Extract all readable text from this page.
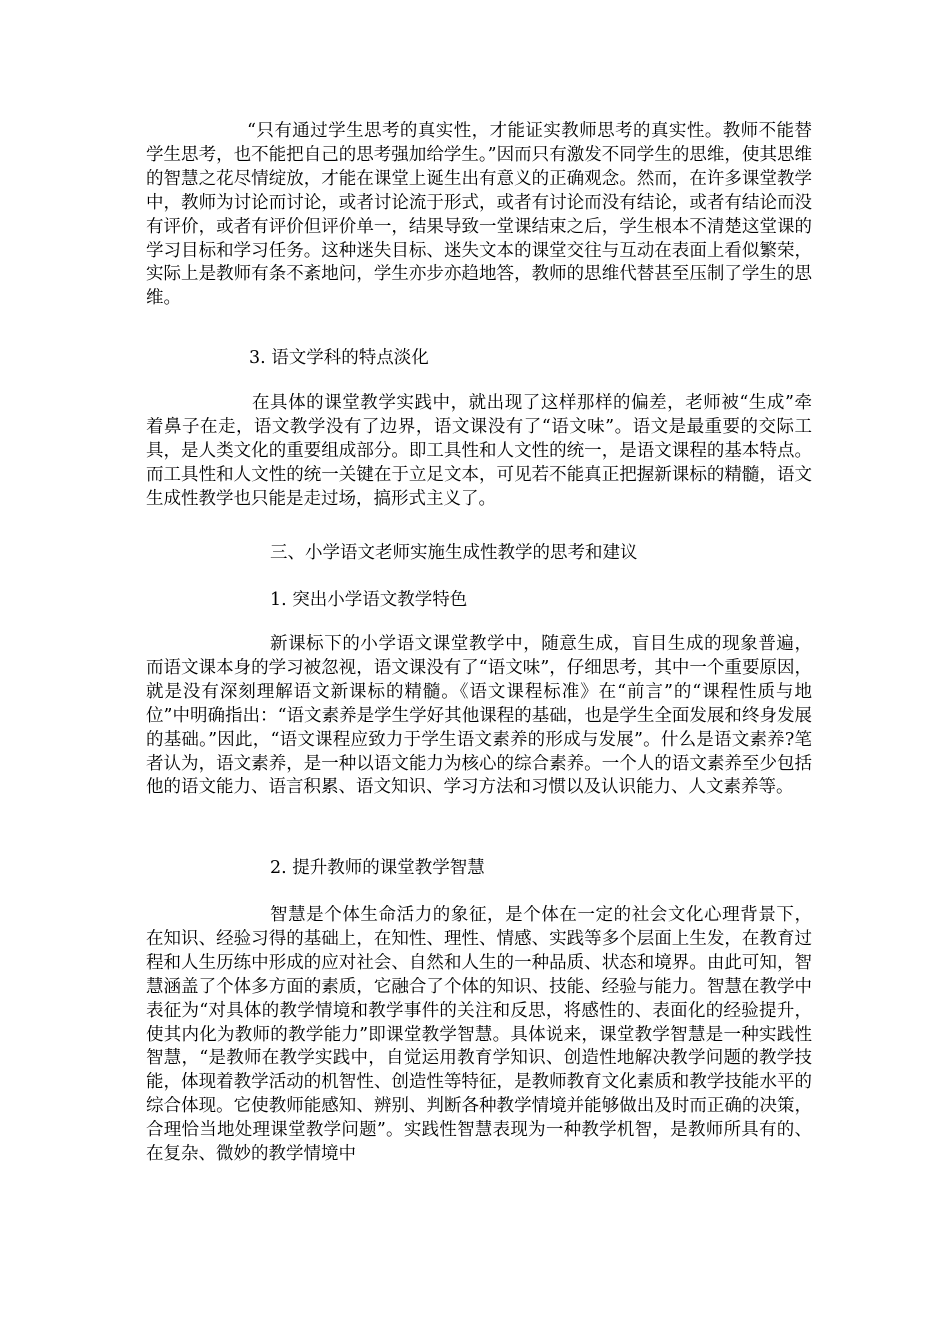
“只有通过学生思考的真实性，才能证实教师思考的真实性。教师不能替学生思考，也不能把自己的思考强加给学生。”因而只有激发不同学生的思维，使其思维的智慧之花尽情绽放，才能在课堂上诞生出有意义的正确观念。然而，在许多课堂教学中，教师为讨论而讨论，或者讨论流于形式，或者有讨论而没有结论，或者有结论而没有评价，或者有评价但评价单一，结果导致一堂课结束之后，学生根本不清楚这堂课的学习目标和学习任务。这种迷失目标、迷失文本的课堂交往与互动在表面上看似繁荣，实际上是教师有条不紊地问，学生亦步亦趋地答，教师的思维代替甚至压制了学生的思维。

3. 语文学科的特点淡化

在具体的课堂教学实践中，就出现了这样那样的偏差，老师被“生成”牵着鼻子在走，语文教学没有了边界，语文课没有了“语文味”。语文是最重要的交际工具，是人类文化的重要组成部分。即工具性和人文性的统一，是语文课程的基本特点。而工具性和人文性的统一关键在于立足文本，可见若不能真正把握新课标的精髓，语文生成性教学也只能是走过场，搞形式主义了。

三、小学语文老师实施生成性教学的思考和建议
1. 突出小学语文教学特色

新课标下的小学语文课堂教学中，随意生成，盲目生成的现象普遍，而语文课本身的学习被忽视，语文课没有了“语文味”，仔细思考，其中一个重要原因，就是没有深刻理解语文新课标的精髓。《语文课程标准》在“前言”的“课程性质与地位”中明确指出：“语文素养是学生学好其他课程的基础，也是学生全面发展和终身发展的基础。”因此，“语文课程应致力于学生语文素养的形成与发展”。什么是语文素养?笔者认为，语文素养，是一种以语文能力为核心的综合素养。一个人的语文素养至少包括他的语文能力、语言积累、语文知识、学习方法和习惯以及认识能力、人文素养等。

2. 提升教师的课堂教学智慧

智慧是个体生命活力的象征，是个体在一定的社会文化心理背景下，在知识、经验习得的基础上，在知性、理性、情感、实践等多个层面上生发，在教育过程和人生历练中形成的应对社会、自然和人生的一种品质、状态和境界。由此可知，智慧涵盖了个体多方面的素质，它融合了个体的知识、技能、经验与能力。智慧在教学中表征为“对具体的教学情境和教学事件的关注和反思，将感性的、表面化的经验提升，使其内化为教师的教学能力”即课堂教学智慧。具体说来，课堂教学智慧是一种实践性智慧，“是教师在教学实践中，自觉运用教育学知识、创造性地解决教学问题的教学技能，体现着教学活动的机智性、创造性等特征，是教师教育文化素质和教学技能水平的综合体现。它使教师能感知、辨别、判断各种教学情境并能够做出及时而正确的决策，合理恰当地处理课堂教学问题”。实践性智慧表现为一种教学机智，是教师所具有的、在复杂、微妙的教学情境中
